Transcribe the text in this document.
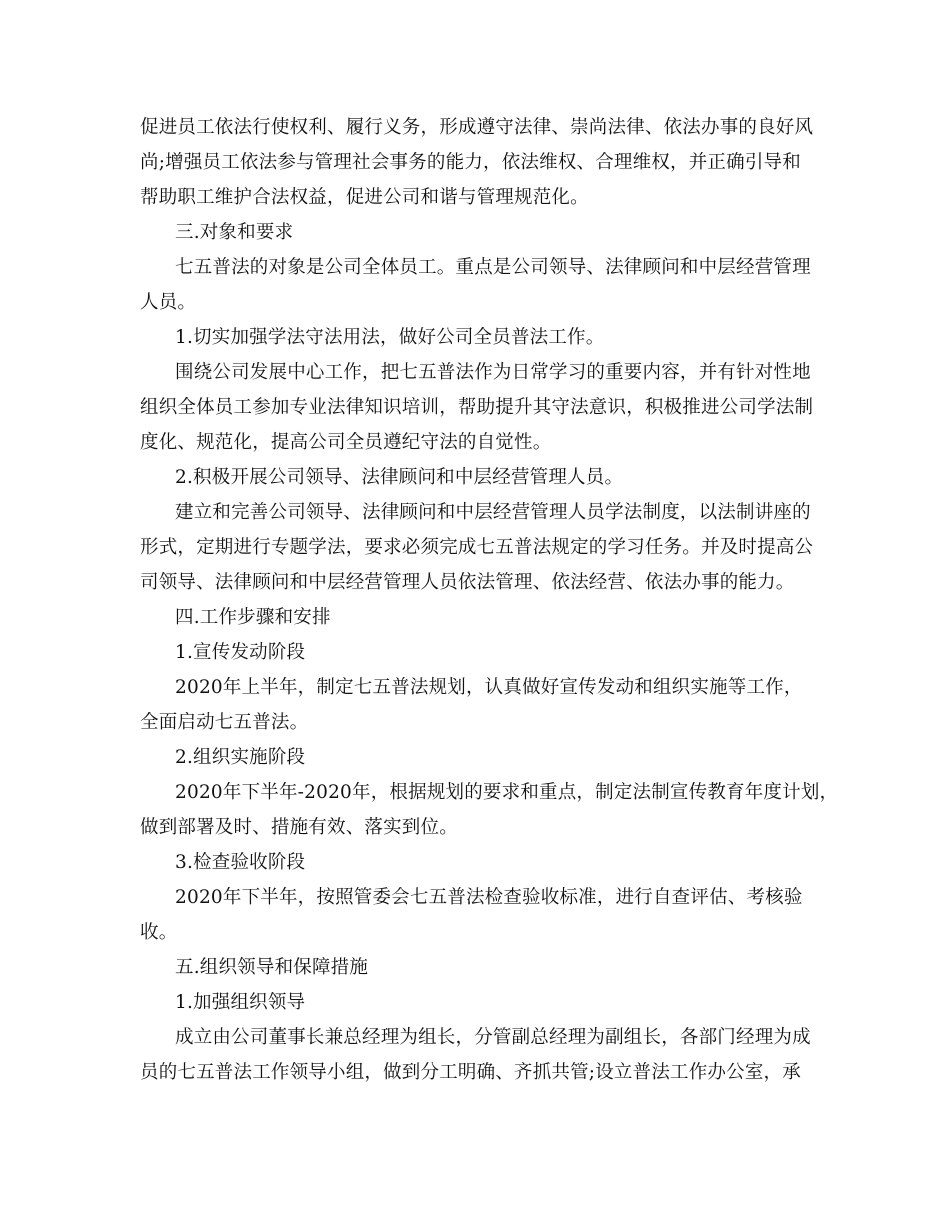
促进员工依法行使权利、履行义务，形成遵守法律、崇尚法律、依法办事的良好风
尚;增强员工依法参与管理社会事务的能力，依法维权、合理维权，并正确引导和
帮助职工维护合法权益，促进公司和谐与管理规范化。
三.对象和要求
七五普法的对象是公司全体员工。重点是公司领导、法律顾问和中层经营管理
人员。
1.切实加强学法守法用法，做好公司全员普法工作。
围绕公司发展中心工作，把七五普法作为日常学习的重要内容，并有针对性地
组织全体员工参加专业法律知识培训，帮助提升其守法意识，积极推进公司学法制
度化、规范化，提高公司全员遵纪守法的自觉性。
2.积极开展公司领导、法律顾问和中层经营管理人员。
建立和完善公司领导、法律顾问和中层经营管理人员学法制度，以法制讲座的
形式，定期进行专题学法，要求必须完成七五普法规定的学习任务。并及时提高公
司领导、法律顾问和中层经营管理人员依法管理、依法经营、依法办事的能力。
四.工作步骤和安排
1.宣传发动阶段
2020年上半年，制定七五普法规划，认真做好宣传发动和组织实施等工作，
全面启动七五普法。
2.组织实施阶段
2020年下半年-2020年，根据规划的要求和重点，制定法制宣传教育年度计划，
做到部署及时、措施有效、落实到位。
3.检查验收阶段
2020年下半年，按照管委会七五普法检查验收标准，进行自查评估、考核验
收。
五.组织领导和保障措施
1.加强组织领导
成立由公司董事长兼总经理为组长，分管副总经理为副组长，各部门经理为成
员的七五普法工作领导小组，做到分工明确、齐抓共管;设立普法工作办公室，承
